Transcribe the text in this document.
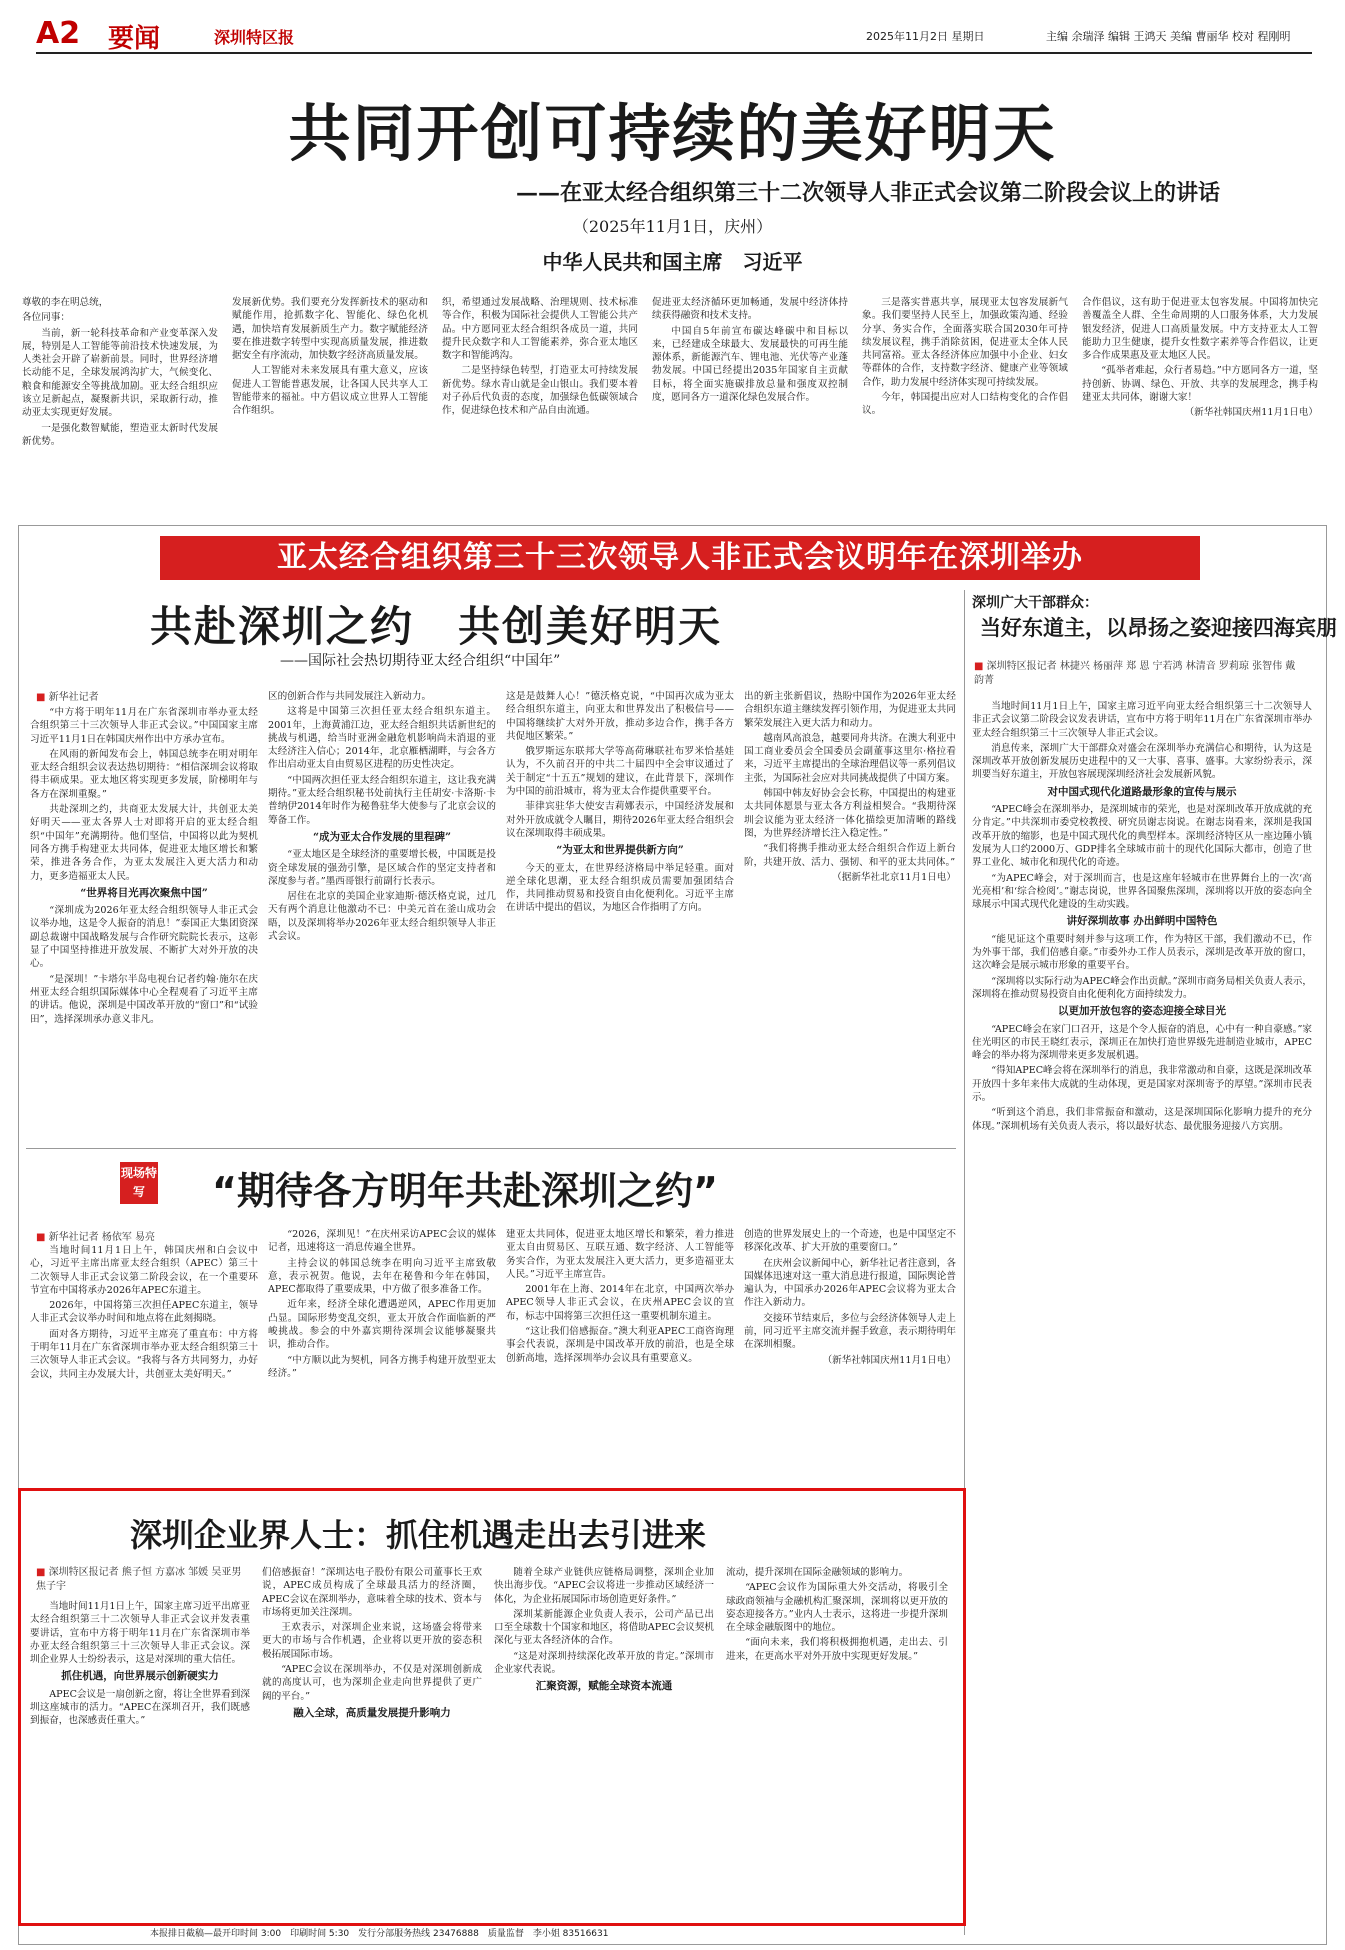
A2 要闻	深圳特区报	2025年11月2日 星期日	主编 余瑞泽 编辑 王鸿天 美编 曹丽华 校对 程刚明
共同开创可持续的美好明天
——在亚太经合组织第三十二次领导人非正式会议第二阶段会议上的讲话
（2025年11月1日，庆州）
中华人民共和国主席　习近平

尊敬的李在明总统，

各位同事：

当前，新一轮科技革命和产业变革深入发展，特别是人工智能等前沿技术快速发展，为人类社会开辟了崭新前景。同时，世界经济增长动能不足，全球发展鸿沟扩大，气候变化、粮食和能源安全等挑战加剧。亚太经合组织应该立足新起点，凝聚新共识，采取新行动，推动亚太实现更好发展。

一是强化数智赋能，塑造亚太新时代发展新优势。

发展新优势。我们要充分发挥新技术的驱动和赋能作用，抢抓数字化、智能化、绿色化机遇，加快培育发展新质生产力。数字赋能经济要在推进数字转型中实现高质量发展，推进数据安全有序流动，加快数字经济高质量发展。

人工智能对未来发展具有重大意义，应该促进人工智能普惠发展，让各国人民共享人工智能带来的福祉。中方倡议成立世界人工智能合作组织。

织，希望通过发展战略、治理规则、技术标准等合作，积极为国际社会提供人工智能公共产品。中方愿同亚太经合组织各成员一道，共同提升民众数字和人工智能素养，弥合亚太地区数字和智能鸿沟。

二是坚持绿色转型，打造亚太可持续发展新优势。绿水青山就是金山银山。我们要本着对子孙后代负责的态度，加强绿色低碳领域合作，促进绿色技术和产品自由流通。

促进亚太经济循环更加畅通，发展中经济体持续获得融资和技术支持。

中国自5年前宣布碳达峰碳中和目标以来，已经建成全球最大、发展最快的可再生能源体系，新能源汽车、锂电池、光伏等产业蓬勃发展。中国已经提出2035年国家自主贡献目标，将全面实施碳排放总量和强度双控制度，愿同各方一道深化绿色发展合作。

三是落实普惠共享，展现亚太包容发展新气象。我们要坚持人民至上，加强政策沟通、经验分享、务实合作，全面落实联合国2030年可持续发展议程，携手消除贫困，促进亚太全体人民共同富裕。亚太各经济体应加强中小企业、妇女等群体的合作，支持数字经济、健康产业等领域合作，助力发展中经济体实现可持续发展。

今年，韩国提出应对人口结构变化的合作倡议。

合作倡议，这有助于促进亚太包容发展。中国将加快完善覆盖全人群、全生命周期的人口服务体系，大力发展银发经济，促进人口高质量发展。中方支持亚太人工智能助力卫生健康，提升女性数字素养等合作倡议，让更多合作成果惠及亚太地区人民。

“孤举者难起，众行者易趋。”中方愿同各方一道，坚持创新、协调、绿色、开放、共享的发展理念，携手构建亚太共同体，谢谢大家！

（新华社韩国庆州11月1日电）

亚太经合组织第三十三次领导人非正式会议明年在深圳举办
共赴深圳之约　共创美好明天
——国际社会热切期待亚太经合组织“中国年”
■ 新华社记者

“中方将于明年11月在广东省深圳市举办亚太经合组织第三十三次领导人非正式会议。”中国国家主席习近平11月1日在韩国庆州作出中方承办宣布。

在风雨的新闻发布会上，韩国总统李在明对明年亚太经合组织会议表达热切期待：“相信深圳会议将取得丰硕成果。亚太地区将实现更多发展，阶梯明年与各方在深圳重聚。”

共赴深圳之约，共商亚太发展大计，共创亚太美好明天——亚太各界人士对即将开启的亚太经合组织“中国年”充满期待。他们坚信，中国将以此为契机同各方携手构建亚太共同体，促进亚太地区增长和繁荣，推进各务合作，为亚太发展注入更大活力和动力，更多造福亚太人民。

“世界将目光再次聚焦中国”

“深圳成为2026年亚太经合组织领导人非正式会议举办地，这是令人振奋的消息！”泰国正大集团资深副总裁谢中国战略发展与合作研究院院长表示，这彰显了中国坚持推进开放发展、不断扩大对外开放的决心。

“是深圳！”卡塔尔半岛电视台记者约翰·施尔在庆州亚太经合组织国际媒体中心全程观看了习近平主席的讲话。他说，深圳是中国改革开放的“窗口”和“试验田”，选择深圳承办意义非凡。

区的创新合作与共同发展注入新动力。

这将是中国第三次担任亚太经合组织东道主。2001年，上海黄浦江边，亚太经合组织共话新世纪的挑战与机遇，给当时亚洲金融危机影响尚未消退的亚太经济注入信心；2014年，北京雁栖湖畔，与会各方作出启动亚太自由贸易区进程的历史性决定。

“中国两次担任亚太经合组织东道主，这让我充满期待。”亚太经合组织秘书处前执行主任胡安·卡洛斯·卡普纳伊2014年时作为秘鲁驻华大使参与了北京会议的筹备工作。

“成为亚太合作发展的里程碑”

“亚太地区是全球经济的重要增长极，中国既是投资全球发展的强劲引擎，是区域合作的坚定支持者和深度参与者。”墨西哥银行前副行长表示。

居住在北京的美国企业家迪斯·德沃格克说，过几天有两个消息让他激动不已：中美元首在釜山成功会晤，以及深圳将举办2026年亚太经合组织领导人非正式会议。

这是是鼓舞人心！”德沃格克说，“中国再次成为亚太经合组织东道主，向亚太和世界发出了积极信号——中国将继续扩大对外开放，推动多边合作，携手各方共促地区繁荣。”

俄罗斯远东联邦大学等高荷琳联社布罗米恰基娃认为，不久前召开的中共二十届四中全会审议通过了关于制定“十五五”规划的建议，在此背景下，深圳作为中国的前沿城市，将为亚太合作提供重要平台。

菲律宾驻华大使安吉莉娜表示，中国经济发展和对外开放成就令人瞩目，期待2026年亚太经合组织会议在深圳取得丰硕成果。

“为亚太和世界提供新方向”

今天的亚太，在世界经济格局中举足轻重。面对逆全球化思潮，亚太经合组织成员需要加强团结合作，共同推动贸易和投资自由化便利化。习近平主席在讲话中提出的倡议，为地区合作指明了方向。

出的新主张新倡议，热盼中国作为2026年亚太经合组织东道主继续发挥引领作用，为促进亚太共同繁荣发展注入更大活力和动力。

越南风高浪急，越要同舟共济。在澳大利亚中国工商业委员会全国委员会副董事这里尔·格拉看来，习近平主席提出的全球治理倡议等一系列倡议主张，为国际社会应对共同挑战提供了中国方案。

韩国中韩友好协会会长称，中国提出的构建亚太共同体愿景与亚太各方利益相契合。“我期待深圳会议能为亚太经济一体化描绘更加清晰的路线图，为世界经济增长注入稳定性。”

“我们将携手推动亚太经合组织合作迈上新台阶，共建开放、活力、强韧、和平的亚太共同体。”

（据新华社北京11月1日电）

深圳广大干部群众：
当好东道主，以昂扬之姿迎接四海宾朋
■ 深圳特区报记者 林捷兴 杨丽萍 郑 恩 宁若鸿 林清音 罗莉琼 张智伟 戴韵菁

当地时间11月1日上午，国家主席习近平向亚太经合组织第三十二次领导人非正式会议第二阶段会议发表讲话，宣布中方将于明年11月在广东省深圳市举办亚太经合组织第三十三次领导人非正式会议。

消息传来，深圳广大干部群众对盛会在深圳举办充满信心和期待，认为这是深圳改革开放创新发展历史进程中的又一大事、喜事、盛事。大家纷纷表示，深圳要当好东道主，开放包容展现深圳经济社会发展新风貌。

对中国式现代化道路最形象的宣传与展示

“APEC峰会在深圳举办，是深圳城市的荣光，也是对深圳改革开放成就的充分肯定。”中共深圳市委党校教授、研究员谢志岗说。在谢志岗看来，深圳是我国改革开放的缩影，也是中国式现代化的典型样本。深圳经济特区从一座边陲小镇发展为人口约2000万、GDP排名全球城市前十的现代化国际大都市，创造了世界工业化、城市化和现代化的奇迹。

“为APEC峰会，对于深圳而言，也是这座年轻城市在世界舞台上的一次‘高光亮相’和‘综合检阅’。”谢志岗说，世界各国聚焦深圳，深圳将以开放的姿态向全球展示中国式现代化建设的生动实践。

讲好深圳故事 办出鲜明中国特色

“能见证这个重要时刻并参与这项工作，作为特区干部，我们激动不已，作为外事干部，我们倍感自豪。”市委外办工作人员表示，深圳是改革开放的窗口，这次峰会是展示城市形象的重要平台。

“深圳将以实际行动为APEC峰会作出贡献。”深圳市商务局相关负责人表示，深圳将在推动贸易投资自由化便利化方面持续发力。

以更加开放包容的姿态迎接全球目光

“APEC峰会在家门口召开，这是个令人振奋的消息，心中有一种自豪感。”家住光明区的市民王晓红表示，深圳正在加快打造世界级先进制造业城市，APEC峰会的举办将为深圳带来更多发展机遇。

“得知APEC峰会将在深圳举行的消息，我非常激动和自豪，这既是深圳改革开放四十多年来伟大成就的生动体现，更是国家对深圳寄予的厚望。”深圳市民表示。

“听到这个消息，我们非常振奋和激动，这是深圳国际化影响力提升的充分体现。”深圳机场有关负责人表示，将以最好状态、最优服务迎接八方宾朋。

现场特写	“期待各方明年共赴深圳之约”
■ 新华社记者 杨依军 易亮

当地时间11月1日上午，韩国庆州和白会议中心，习近平主席出席亚太经合组织（APEC）第三十二次领导人非正式会议第二阶段会议，在一个重要环节宣布中国将承办2026年APEC东道主。

2026年，中国将第三次担任APEC东道主，领导人非正式会议举办时间和地点将在此刻揭晓。

面对各方期待，习近平主席亮了重直布：中方将于明年11月在广东省深圳市举办亚太经合组织第三十三次领导人非正式会议。“我将与各方共同努力，办好会议，共同主办发展大计，共创亚太美好明天。”

“2026，深圳见！”在庆州采访APEC会议的媒体记者，迅速将这一消息传遍全世界。

主持会议的韩国总统李在明向习近平主席致敬意，表示祝贺。他说，去年在秘鲁和今年在韩国，APEC都取得了重要成果，中方做了很多准备工作。

近年来，经济全球化遭遇逆风，APEC作用更加凸显。国际形势变乱交织，亚太开放合作面临新的严峻挑战。参会的中外嘉宾期待深圳会议能够凝聚共识，推动合作。

“中方顺以此为契机，同各方携手构建开放型亚太经济。”

建亚太共同体，促进亚太地区增长和繁荣，着力推进亚太自由贸易区、互联互通、数字经济、人工智能等务实合作，为亚太发展注入更大活力，更多造福亚太人民。”习近平主席宣告。

2001年在上海、2014年在北京，中国两次举办APEC领导人非正式会议，在庆州APEC会议的宣布，标志中国将第三次担任这一重要机制东道主。

“这让我们倍感振奋。”澳大利亚APEC工商咨询理事会代表说，深圳是中国改革开放的前沿，也是全球创新高地，选择深圳举办会议具有重要意义。

创造的世界发展史上的一个奇迹，也是中国坚定不移深化改革、扩大开放的重要窗口。”

在庆州会议新闻中心，新华社记者注意到，各国媒体迅速对这一重大消息进行报道，国际舆论普遍认为，中国承办2026年APEC会议将为亚太合作注入新动力。

交接环节结束后，多位与会经济体领导人走上前，同习近平主席交流并握手致意，表示期待明年在深圳相聚。

（新华社韩国庆州11月1日电）

深圳企业界人士：抓住机遇走出去引进来
■ 深圳特区报记者 熊子恒 方嘉冰 邹媛 吴亚男 焦子宇

当地时间11月1日上午，国家主席习近平出席亚太经合组织第三十二次领导人非正式会议并发表重要讲话，宣布中方将于明年11月在广东省深圳市举办亚太经合组织第三十三次领导人非正式会议。深圳企业界人士纷纷表示，这是对深圳的重大信任。

抓住机遇，向世界展示创新硬实力

APEC会议是一扇创新之窗，将让全世界看到深圳这座城市的活力。“APEC在深圳召开，我们既感到振奋，也深感责任重大。”

们倍感振奋！”深圳达电子股份有限公司董事长王欢说，APEC成员构成了全球最具活力的经济圈，APEC会议在深圳举办，意味着全球的技术、资本与市场将更加关注深圳。

王欢表示，对深圳企业来说，这场盛会将带来更大的市场与合作机遇，企业将以更开放的姿态积极拓展国际市场。

“APEC会议在深圳举办，不仅是对深圳创新成就的高度认可，也为深圳企业走向世界提供了更广阔的平台。”

融入全球，高质量发展提升影响力

随着全球产业链供应链格局调整，深圳企业加快出海步伐。“APEC会议将进一步推动区域经济一体化，为企业拓展国际市场创造更好条件。”

深圳某新能源企业负责人表示，公司产品已出口至全球数十个国家和地区，将借助APEC会议契机深化与亚太各经济体的合作。

“这是对深圳持续深化改革开放的肯定。”深圳市企业家代表说。

汇聚资源，赋能全球资本流通

流动，提升深圳在国际金融领域的影响力。

“APEC会议作为国际重大外交活动，将吸引全球政商领袖与金融机构汇聚深圳，深圳将以更开放的姿态迎接各方。”业内人士表示，这将进一步提升深圳在全球金融版图中的地位。

“面向未来，我们将积极拥抱机遇，走出去、引进来，在更高水平对外开放中实现更好发展。”

本报排日截稿—最开印时间 3:00　印刷时间 5:30　发行分部服务热线 23476888　质量监督　李小姐 83516631
